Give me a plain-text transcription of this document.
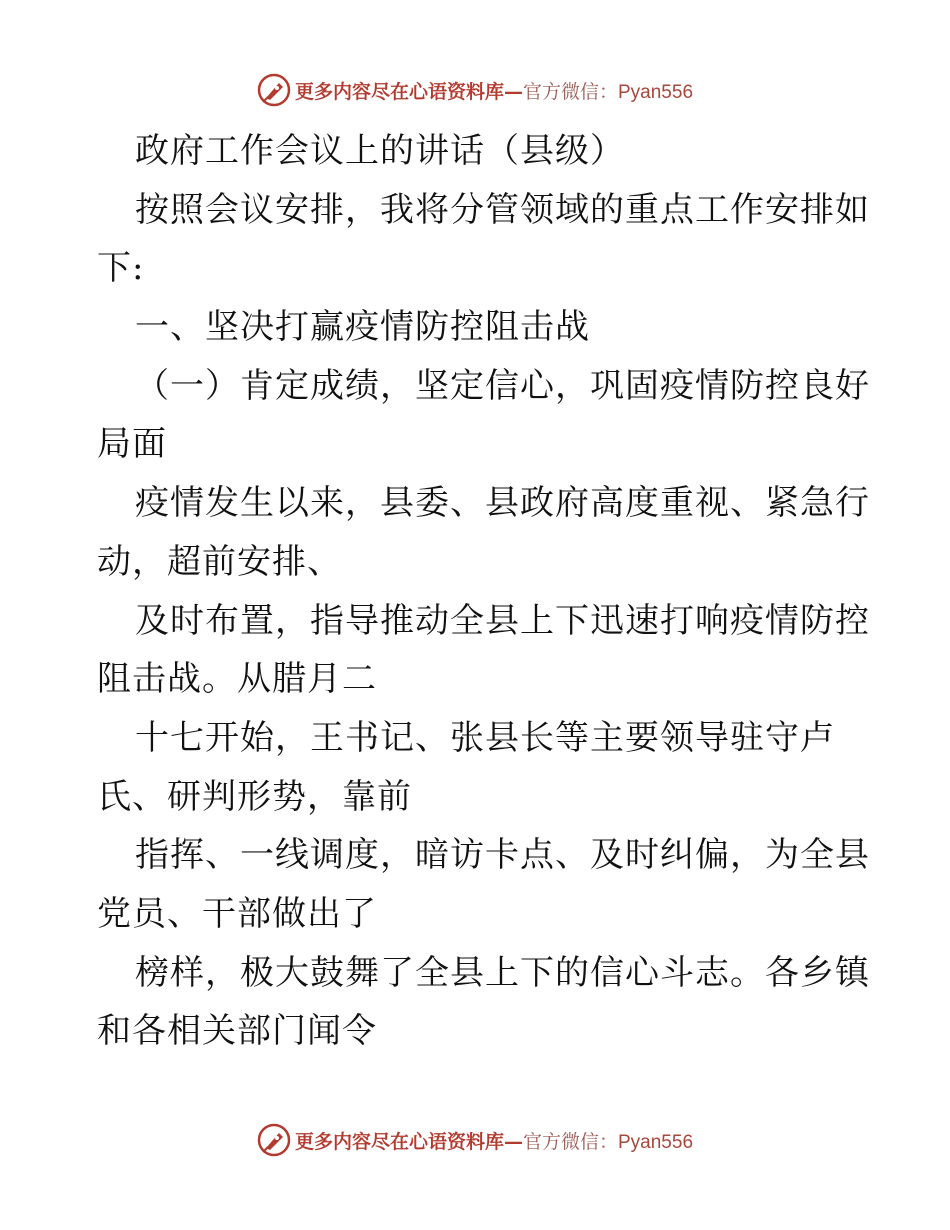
更多内容尽在心语资料库—官方微信：Pyan556
政府工作会议上的讲话（县级）
按照会议安排，我将分管领域的重点工作安排如
下:
一、坚决打赢疫情防控阻击战
（一）肯定成绩，坚定信心，巩固疫情防控良好
局面
疫情发生以来，县委、县政府高度重视、紧急行
动，超前安排、
及时布置，指导推动全县上下迅速打响疫情防控
阻击战。从腊月二
十七开始，王书记、张县长等主要领导驻守卢
氏、研判形势，靠前
指挥、一线调度，暗访卡点、及时纠偏，为全县
党员、干部做出了
榜样，极大鼓舞了全县上下的信心斗志。各乡镇
和各相关部门闻令
更多内容尽在心语资料库—官方微信：Pyan556
